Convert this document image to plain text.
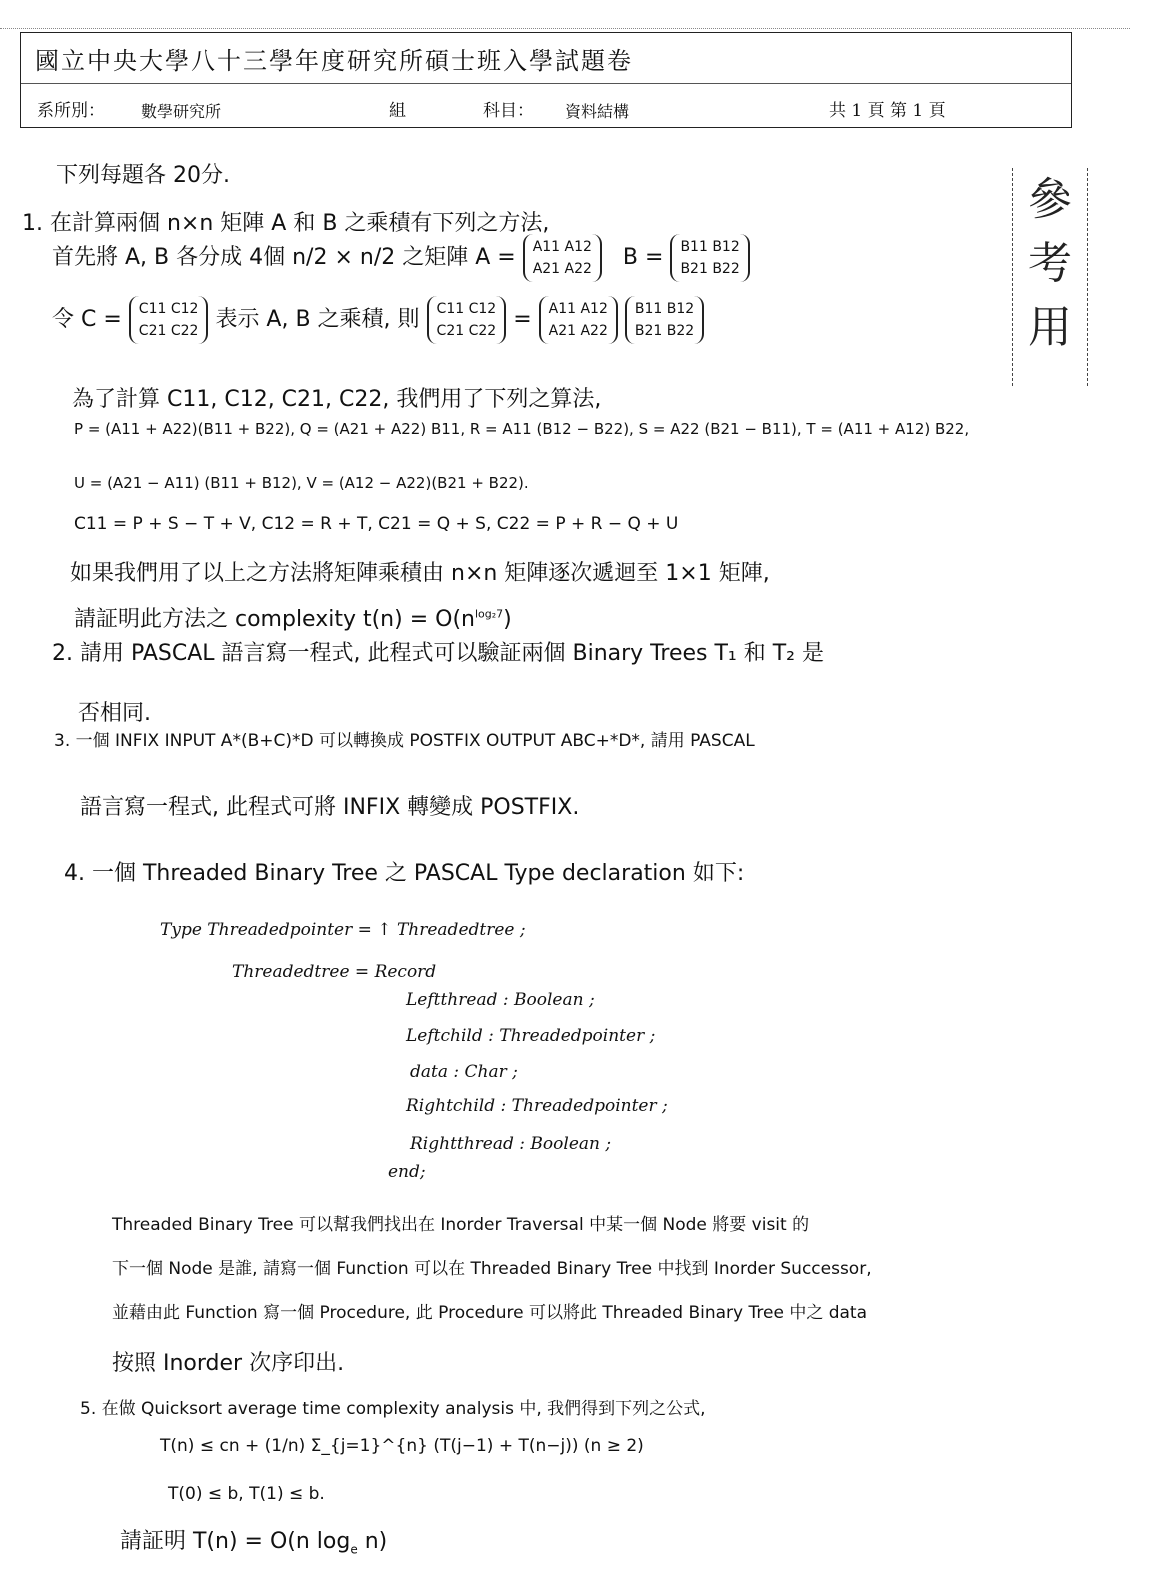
國立中央大學八十三學年度研究所碩士班入學試題卷
系所別： 數學研究所	組	科目： 資料結構	共 1 頁 第 1 頁
參
考
用
下列每題各 20分.
1. 在計算兩個 n×n 矩陣 A 和 B 之乘積有下列之方法,
首先將 A, B 各分成 4個 n/2 × n/2 之矩陣 A = A11 A12
A21 A22 B = B11 B12
B21 B22
令 C = C11 C12
C21 C22 表示 A, B 之乘積, 則 C11 C12
C21 C22 = A11 A12
A21 A22

B11 B12
B21 B22
為了計算 C11, C12, C21, C22, 我們用了下列之算法,
P = (A11 + A22)(B11 + B22), Q = (A21 + A22) B11, R = A11 (B12 − B22), S = A22 (B21 − B11), T = (A11 + A12) B22,
U = (A21 − A11) (B11 + B12), V = (A12 − A22)(B21 + B22).
C11 = P + S − T + V, C12 = R + T, C21 = Q + S, C22 = P + R − Q + U
如果我們用了以上之方法將矩陣乘積由 n×n 矩陣逐次遞迴至 1×1 矩陣,
請証明此方法之 complexity $t(n) = O(n^{log_27})$
2. 請用 PASCAL 語言寫一程式, 此程式可以驗証兩個 Binary Trees T₁ 和 T₂ 是
否相同.
3. 一個 INFIX INPUT A*(B+C)*D 可以轉換成 POSTFIX OUTPUT ABC+*D*, 請用 PASCAL
語言寫一程式, 此程式可將 INFIX 轉變成 POSTFIX.
4. 一個 Threaded Binary Tree 之 PASCAL Type declaration 如下:
Type Threadedpointer = ↑ Threadedtree ;
Threadedtree = Record
Leftthread : Boolean ;
Leftchild : Threadedpointer ;
data : Char ;
Rightchild : Threadedpointer ;
Rightthread : Boolean ;
end;
Threaded Binary Tree 可以幫我們找出在 Inorder Traversal 中某一個 Node 將要 visit 的
下一個 Node 是誰, 請寫一個 Function 可以在 Threaded Binary Tree 中找到 Inorder Successor,
並藉由此 Function 寫一個 Procedure, 此 Procedure 可以將此 Threaded Binary Tree 中之 data
按照 Inorder 次序印出.
5. 在做 Quicksort average time complexity analysis 中, 我們得到下列之公式,
T(n) ≤ cn + (1/n) Σ_{j=1}^{n} (T(j−1) + T(n−j)) (n ≥ 2)
T(0) ≤ b, T(1) ≤ b.
請証明 T(n) = O(n $\log_e n$)
